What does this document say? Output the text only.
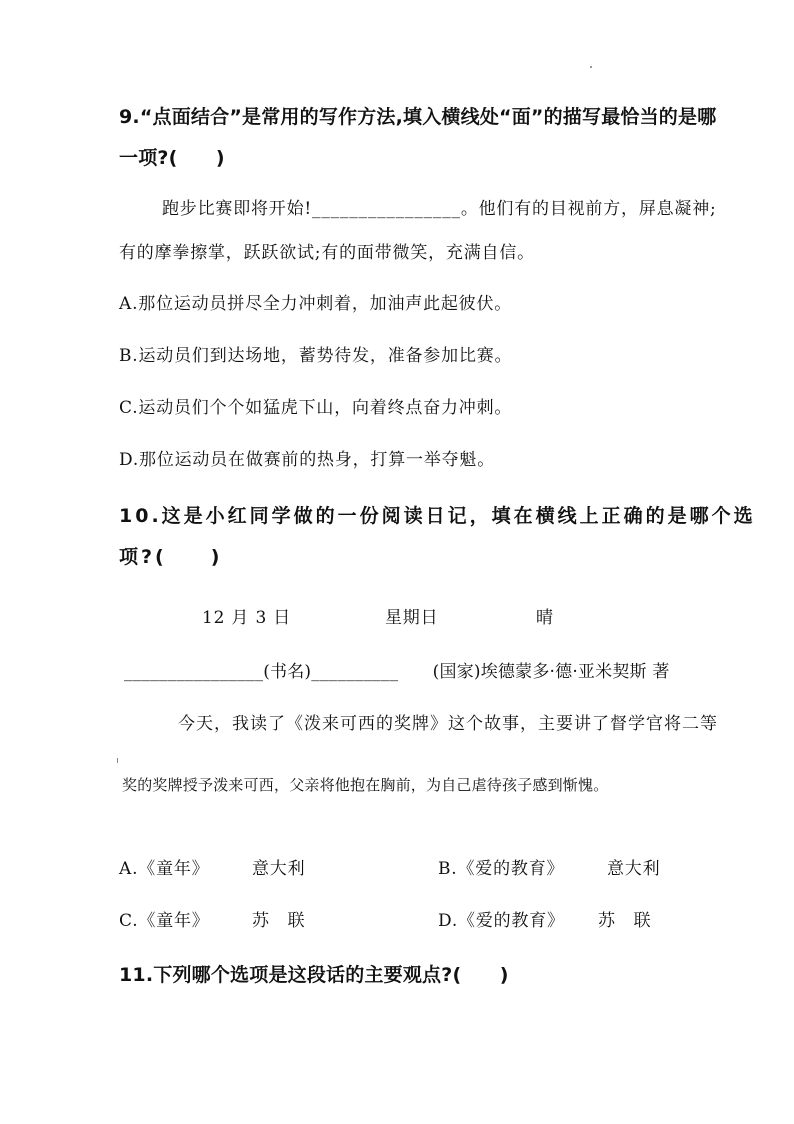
9.“点面结合”是常用的写作方法,填入横线处“面”的描写最恰当的是哪
一项?(　　)
跑步比赛即将开始!________________。他们有的目视前方，屏息凝神;
有的摩拳擦掌，跃跃欲试;有的面带微笑，充满自信。
A.那位运动员拼尽全力冲刺着，加油声此起彼伏。
B.运动员们到达场地，蓄势待发，准备参加比赛。
C.运动员们个个如猛虎下山，向着终点奋力冲刺。
D.那位运动员在做赛前的热身，打算一举夺魁。
10.这是小红同学做的一份阅读日记，填在横线上正确的是哪个选
项?(　　)
12 月 3 日	星期日	晴
________________(书名)__________　　(国家)埃德蒙多·德·亚米契斯 著
今天，我读了《泼来可西的奖牌》这个故事，主要讲了督学官将二等
奖的奖牌授予泼来可西，父亲将他抱在胸前，为自己虐待孩子感到惭愧。
A.《童年》	意大利	B.《爱的教育》	意大利
C.《童年》 苏　联	D.《爱的教育》 苏　联
11.下列哪个选项是这段话的主要观点?(　　)
